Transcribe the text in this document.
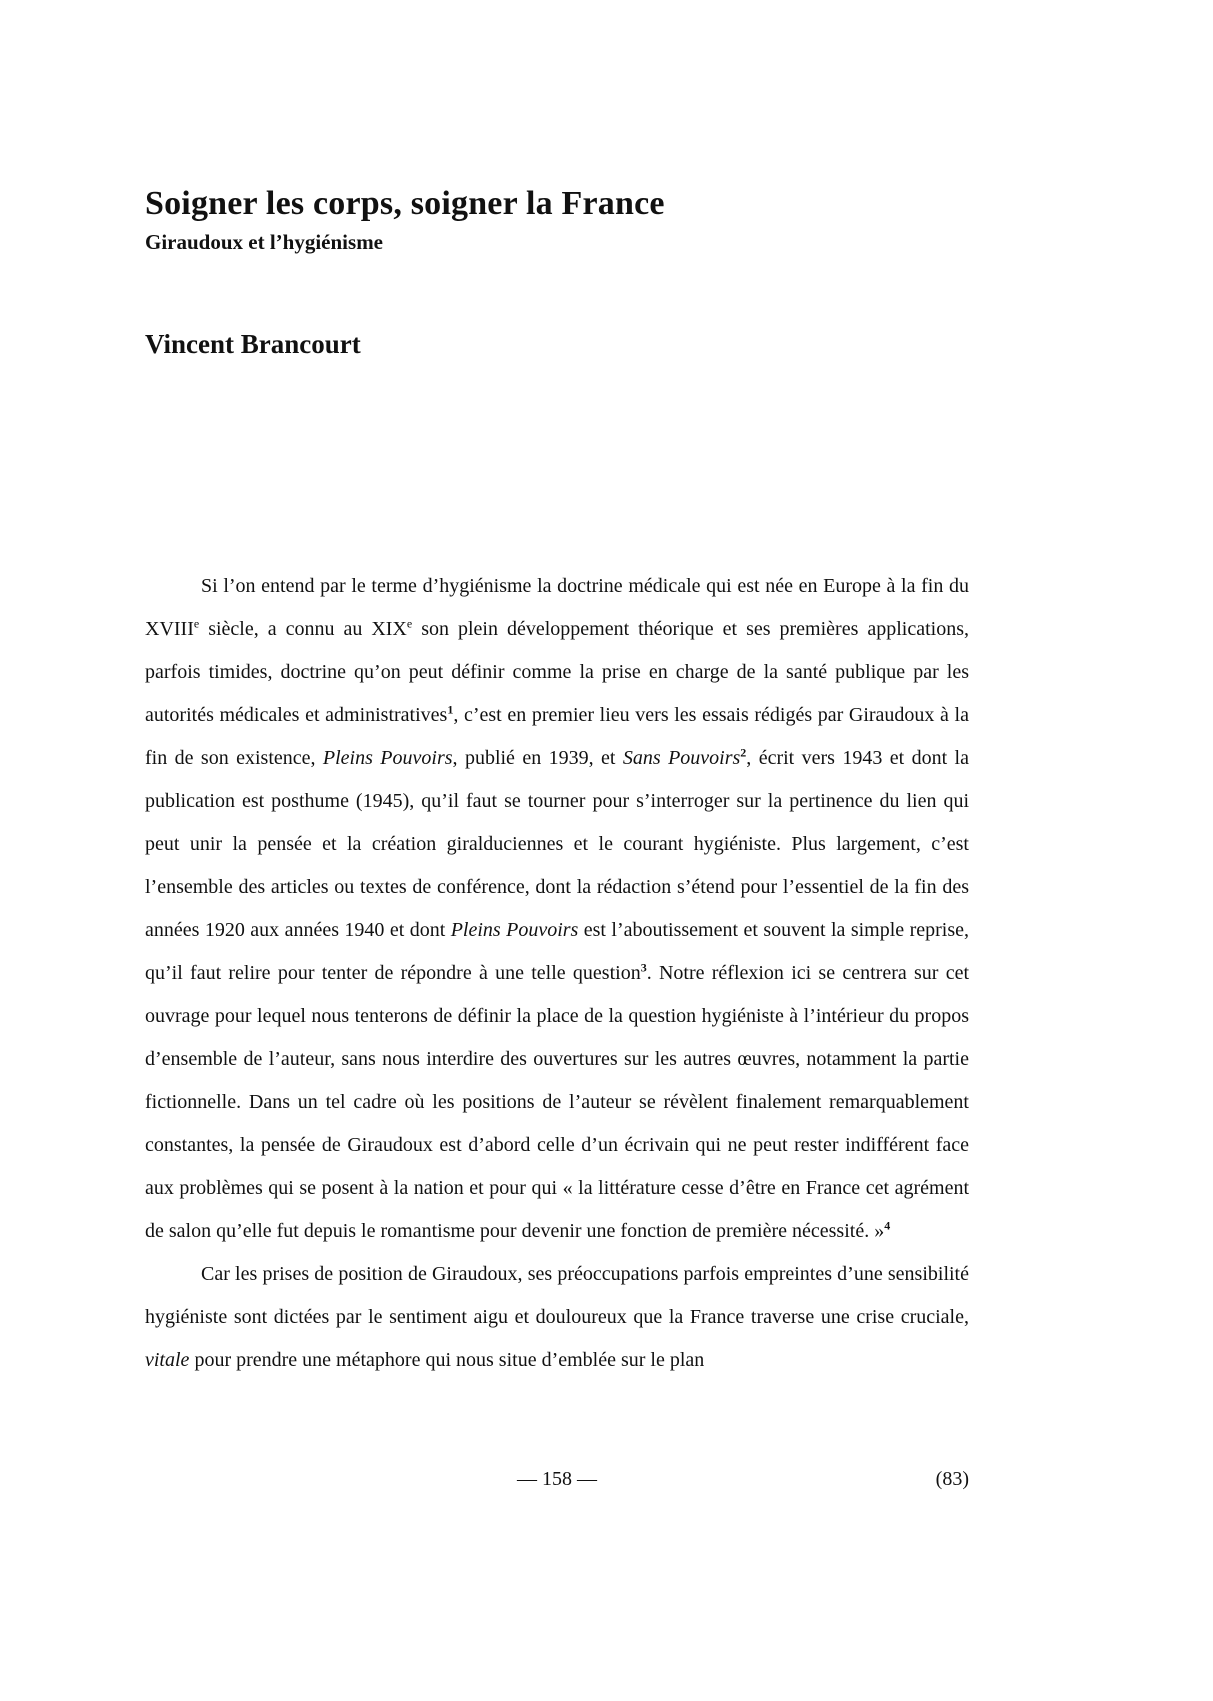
Soigner les corps, soigner la France
Giraudoux et l’hygiénisme
Vincent Brancourt

Si l’on entend par le terme d’hygiénisme la doctrine médicale qui est née en Europe à la fin du XVIIIe siècle, a connu au XIXe son plein développement théorique et ses premières applications, parfois timides, doctrine qu’on peut définir comme la prise en charge de la santé publique par les autorités médicales et administratives$^1$, c’est en premier lieu vers les essais rédigés par Giraudoux à la fin de son existence, Pleins Pouvoirs, publié en 1939, et Sans Pouvoirs$^2$, écrit vers 1943 et dont la publication est posthume (1945), qu’il faut se tourner pour s’interroger sur la pertinence du lien qui peut unir la pensée et la création giralduciennes et le courant hygiéniste. Plus largement, c’est l’ensemble des articles ou textes de conférence, dont la rédaction s’étend pour l’essentiel de la fin des années 1920 aux années 1940 et dont Pleins Pouvoirs est l’aboutissement et souvent la simple reprise, qu’il faut relire pour tenter de répondre à une telle question$^3$. Notre réflexion ici se centrera sur cet ouvrage pour lequel nous tenterons de définir la place de la question hygiéniste à l’intérieur du propos d’ensemble de l’auteur, sans nous interdire des ouvertures sur les autres œuvres, notamment la partie fictionnelle. Dans un tel cadre où les positions de l’auteur se révèlent finalement remarquablement constantes, la pensée de Giraudoux est d’abord celle d’un écrivain qui ne peut rester indifférent face aux problèmes qui se posent à la nation et pour qui « la littérature cesse d’être en France cet agrément de salon qu’elle fut depuis le romantisme pour devenir une fonction de première nécessité. »$^4$

Car les prises de position de Giraudoux, ses préoccupations parfois empreintes d’une sensibilité hygiéniste sont dictées par le sentiment aigu et douloureux que la France traverse une crise cruciale, vitale pour prendre une métaphore qui nous situe d’emblée sur le plan

— 158 —	(83)
